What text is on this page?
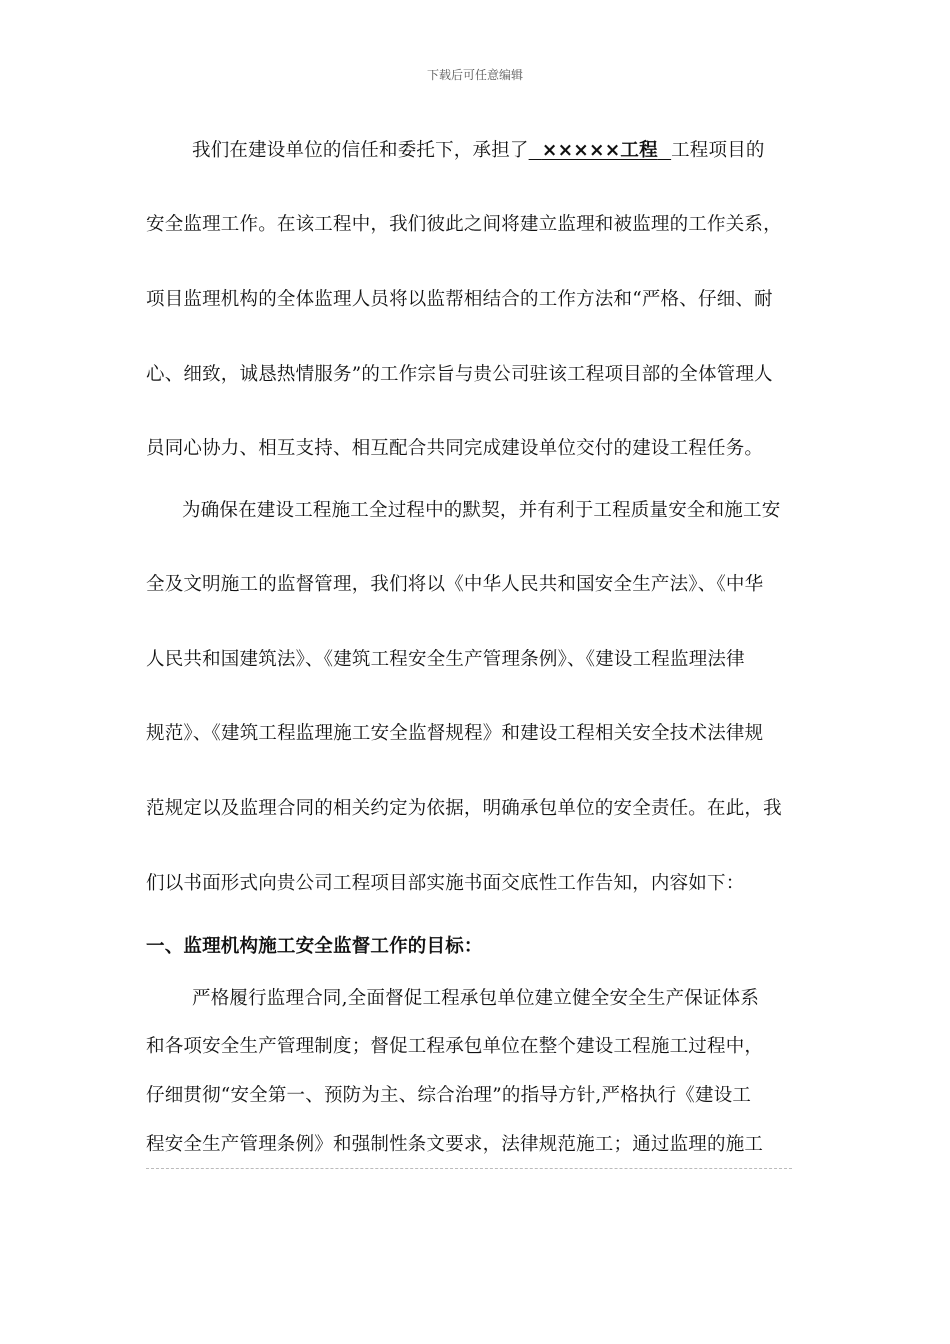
下载后可任意编辑
我们在建设单位的信任和委托下，承担了 ×××××工程 工程项目的
安全监理工作。在该工程中，我们彼此之间将建立监理和被监理的工作关系，
项目监理机构的全体监理人员将以监帮相结合的工作方法和“严格、仔细、耐
心、细致，诚恳热情服务”的工作宗旨与贵公司驻该工程项目部的全体管理人
员同心协力、相互支持、相互配合共同完成建设单位交付的建设工程任务。
为确保在建设工程施工全过程中的默契，并有利于工程质量安全和施工安
全及文明施工的监督管理，我们将以《中华人民共和国安全生产法》、《中华
人民共和国建筑法》、《建筑工程安全生产管理条例》、《建设工程监理法律
规范》、《建筑工程监理施工安全监督规程》和建设工程相关安全技术法律规
范规定以及监理合同的相关约定为依据，明确承包单位的安全责任。在此，我
们以书面形式向贵公司工程项目部实施书面交底性工作告知，内容如下：
一、监理机构施工安全监督工作的目标：
严格履行监理合同,全面督促工程承包单位建立健全安全生产保证体系
和各项安全生产管理制度；督促工程承包单位在整个建设工程施工过程中，
仔细贯彻“安全第一、预防为主、综合治理”的指导方针,严格执行《建设工
程安全生产管理条例》和强制性条文要求，法律规范施工；通过监理的施工
